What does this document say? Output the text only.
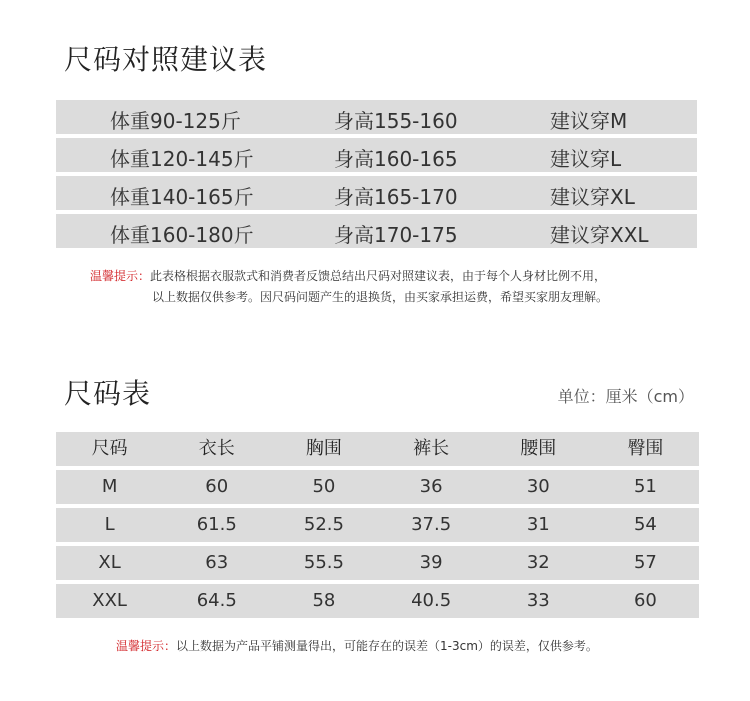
尺码对照建议表
体重90-125斤	身高155-160	建议穿M
体重120-145斤	身高160-165	建议穿L
体重140-165斤	身高165-170	建议穿XL
体重160-180斤	身高170-175	建议穿XXL
温馨提示：此表格根据衣服款式和消费者反馈总结出尺码对照建议表，由于每个人身材比例不用，
以上数据仅供参考。因尺码问题产生的退换货，由买家承担运费，希望买家朋友理解。
尺码表	单位：厘米（cm）
尺码	衣长	胸围	裤长	腰围	臀围
M	60	50	36	30	51
L	61.5	52.5	37.5	31	54
XL	63	55.5	39	32	57
XXL	64.5	58	40.5	33	60
温馨提示：以上数据为产品平铺测量得出，可能存在的误差（1-3cm）的误差，仅供参考。
